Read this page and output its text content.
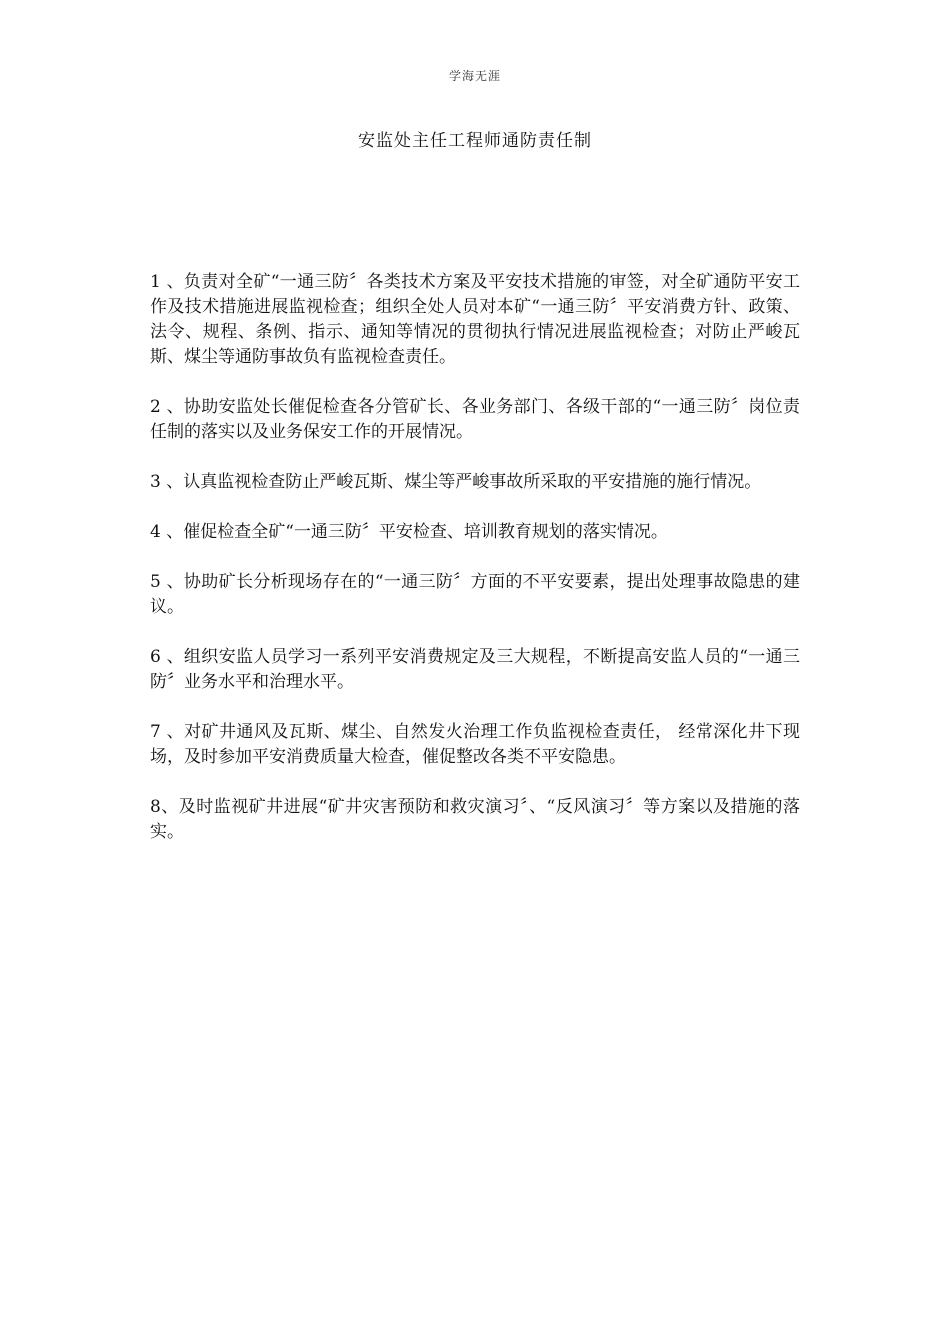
学海无涯
安监处主任工程师通防责任制
1 、负责对全矿“一通三防〞各类技术方案及平安技术措施的审签，对全矿通防平安工作及技术措施进展监视检查；组织全处人员对本矿“一通三防〞平安消费方针、政策、法令、规程、条例、指示、通知等情况的贯彻执行情况进展监视检查；对防止严峻瓦斯、煤尘等通防事故负有监视检查责任。
2 、协助安监处长催促检查各分管矿长、各业务部门、各级干部的“一通三防〞岗位责任制的落实以及业务保安工作的开展情况。
3 、认真监视检查防止严峻瓦斯、煤尘等严峻事故所采取的平安措施的施行情况。
4 、催促检查全矿“一通三防〞平安检查、培训教育规划的落实情况。
5 、协助矿长分析现场存在的“一通三防〞方面的不平安要素，提出处理事故隐患的建议。
6 、组织安监人员学习一系列平安消费规定及三大规程，不断提高安监人员的“一通三防〞业务水平和治理水平。
7 、对矿井通风及瓦斯、煤尘、自然发火治理工作负监视检查责任， 经常深化井下现场，及时参加平安消费质量大检查，催促整改各类不平安隐患。
8、及时监视矿井进展“矿井灾害预防和救灾演习〞、“反风演习〞等方案以及措施的落实。
